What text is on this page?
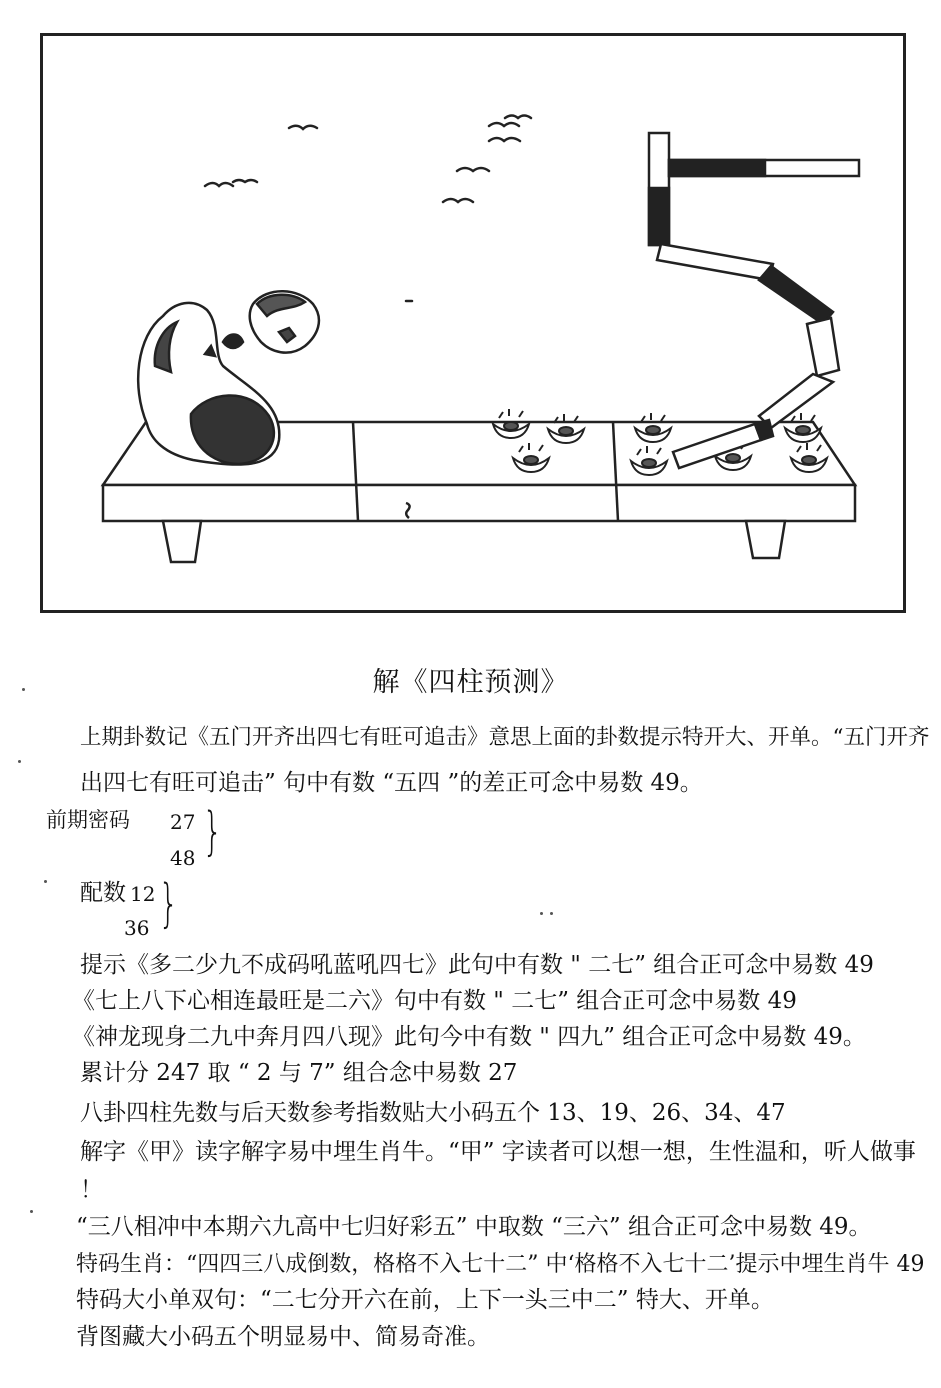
解《四柱预测》
上期卦数记《五门开齐出四七有旺可追击》意思上面的卦数提示特开大、开单。“五门开齐
出四七有旺可追击” 句中有数 “五四 ”的差正可念中易数 49。
前期密码 27
48 }
配数 12
36 }
提示《多二少九不成码吼蓝吼四七》此句中有数 " 二七” 组合正可念中易数 49
《七上八下心相连最旺是二六》句中有数 " 二七” 组合正可念中易数 49
《神龙现身二九中奔月四八现》此句今中有数 " 四九” 组合正可念中易数 49。
累计分 247 取 “ 2 与 7” 组合念中易数 27
八卦四柱先数与后天数参考指数贴大小码五个 13、19、26、34、47
解字《甲》读字解字易中埋生肖牛。“甲” 字读者可以想一想，生性温和，听人做事
！
“三八相冲中本期六九高中七归好彩五” 中取数 “三六” 组合正可念中易数 49。
特码生肖：“四四三八成倒数，格格不入七十二” 中‘格格不入七十二’提示中埋生肖牛 49
特码大小单双句：“二七分开六在前，上下一头三中二” 特大、开单。
背图藏大小码五个明显易中、简易奇准。
